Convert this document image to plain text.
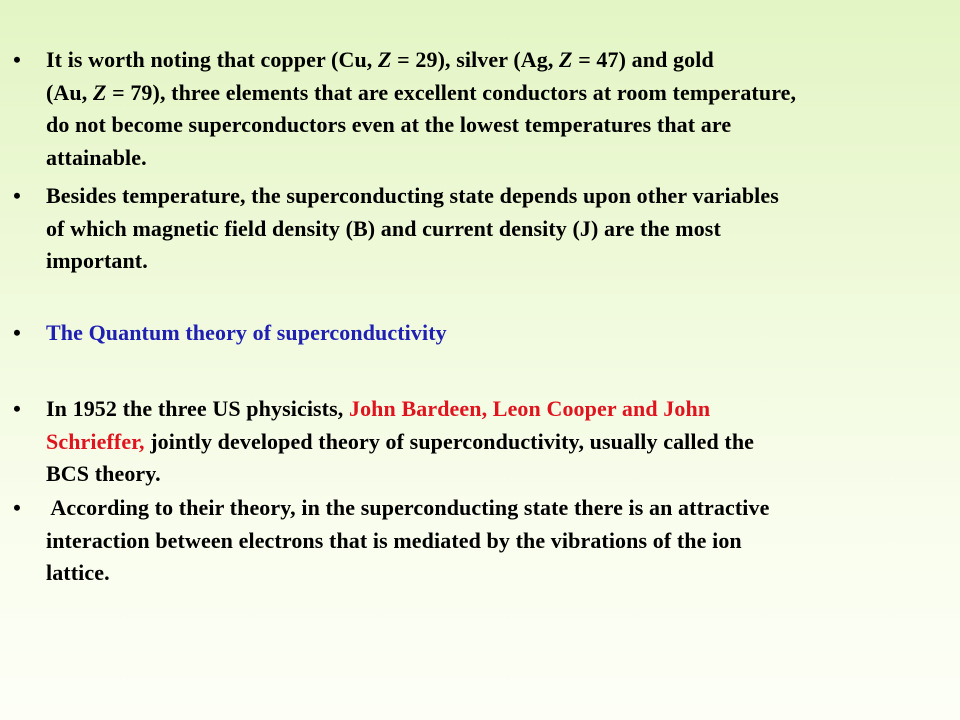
•	It is worth noting that copper (Cu, Z = 29), silver (Ag, Z = 47) and gold
(Au, Z = 79), three elements that are excellent conductors at room temperature,
do not become superconductors even at the lowest temperatures that are
attainable.
•	Besides temperature, the superconducting state depends upon other variables
of which magnetic field density (B) and current density (J) are the most
important.
•	The Quantum theory of superconductivity
•	In 1952 the three US physicists, John Bardeen, Leon Cooper and John
Schrieffer, jointly developed theory of superconductivity, usually called the
BCS theory.
•	According to their theory, in the superconducting state there is an attractive
interaction between electrons that is mediated by the vibrations of the ion
lattice.
